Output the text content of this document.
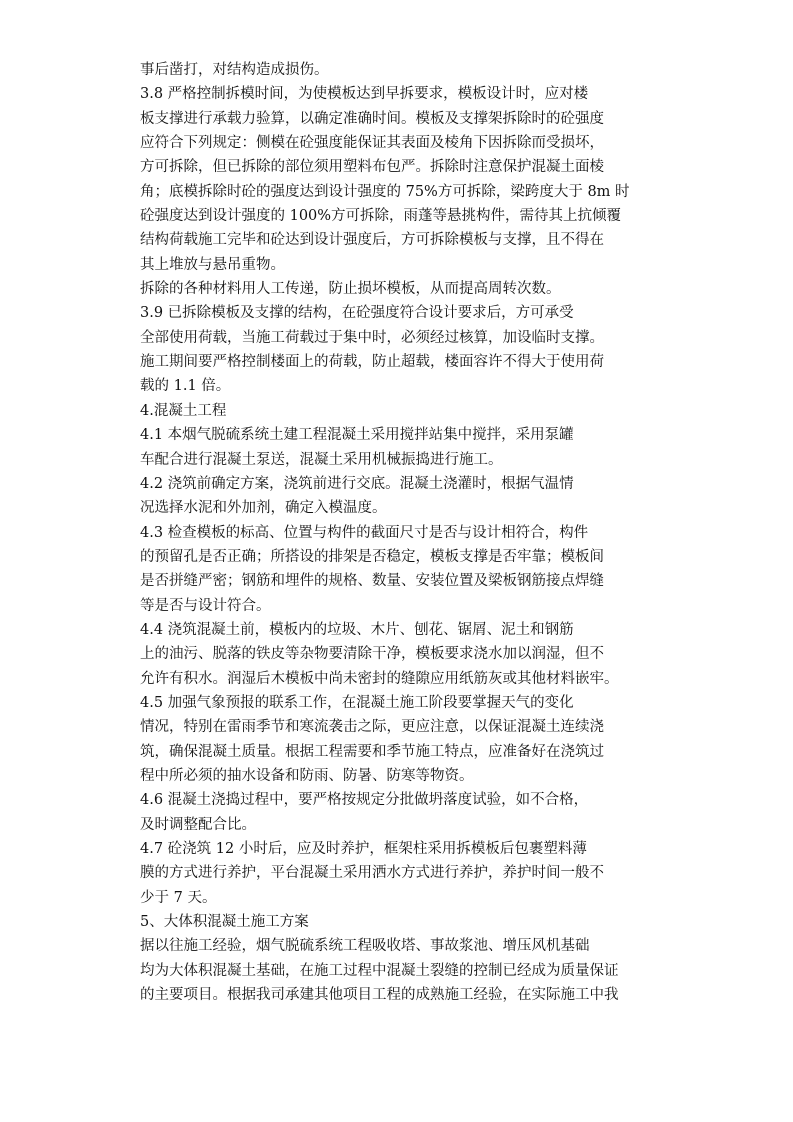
事后凿打，对结构造成损伤。
3.8 严格控制拆模时间，为使模板达到早拆要求，模板设计时，应对楼
板支撑进行承载力验算，以确定准确时间。模板及支撑架拆除时的砼强度
应符合下列规定：侧模在砼强度能保证其表面及棱角下因拆除而受损坏，
方可拆除，但已拆除的部位须用塑料布包严。拆除时注意保护混凝土面棱
角；底模拆除时砼的强度达到设计强度的 75%方可拆除，梁跨度大于 8m 时
砼强度达到设计强度的 100%方可拆除，雨蓬等悬挑构件，需待其上抗倾覆
结构荷载施工完毕和砼达到设计强度后，方可拆除模板与支撑，且不得在
其上堆放与悬吊重物。
拆除的各种材料用人工传递，防止损坏模板，从而提高周转次数。
3.9 已拆除模板及支撑的结构，在砼强度符合设计要求后，方可承受
全部使用荷载，当施工荷载过于集中时，必须经过核算，加设临时支撑。
施工期间要严格控制楼面上的荷载，防止超载，楼面容许不得大于使用荷
载的 1.1 倍。
4.混凝土工程
4.1 本烟气脱硫系统土建工程混凝土采用搅拌站集中搅拌，采用泵罐
车配合进行混凝土泵送，混凝土采用机械振捣进行施工。
4.2 浇筑前确定方案，浇筑前进行交底。混凝土浇灌时，根据气温情
况选择水泥和外加剂，确定入模温度。
4.3 检查模板的标高、位置与构件的截面尺寸是否与设计相符合，构件
的预留孔是否正确；所搭设的排架是否稳定，模板支撑是否牢靠；模板间
是否拼缝严密；钢筋和埋件的规格、数量、安装位置及梁板钢筋接点焊缝
等是否与设计符合。
4.4 浇筑混凝土前，模板内的垃圾、木片、刨花、锯屑、泥土和钢筋
上的油污、脱落的铁皮等杂物要清除干净，模板要求浇水加以润湿，但不
允许有积水。润湿后木模板中尚未密封的缝隙应用纸筋灰或其他材料嵌牢。
4.5 加强气象预报的联系工作，在混凝土施工阶段要掌握天气的变化
情况，特别在雷雨季节和寒流袭击之际，更应注意，以保证混凝土连续浇
筑，确保混凝土质量。根据工程需要和季节施工特点，应准备好在浇筑过
程中所必须的抽水设备和防雨、防暑、防寒等物资。
4.6 混凝土浇捣过程中，要严格按规定分批做坍落度试验，如不合格，
及时调整配合比。
4.7 砼浇筑 12 小时后，应及时养护，框架柱采用拆模板后包裹塑料薄
膜的方式进行养护，平台混凝土采用洒水方式进行养护，养护时间一般不
少于 7 天。
5、大体积混凝土施工方案
据以往施工经验，烟气脱硫系统工程吸收塔、事故浆池、增压风机基础
均为大体积混凝土基础，在施工过程中混凝土裂缝的控制已经成为质量保证
的主要项目。根据我司承建其他项目工程的成熟施工经验，在实际施工中我
